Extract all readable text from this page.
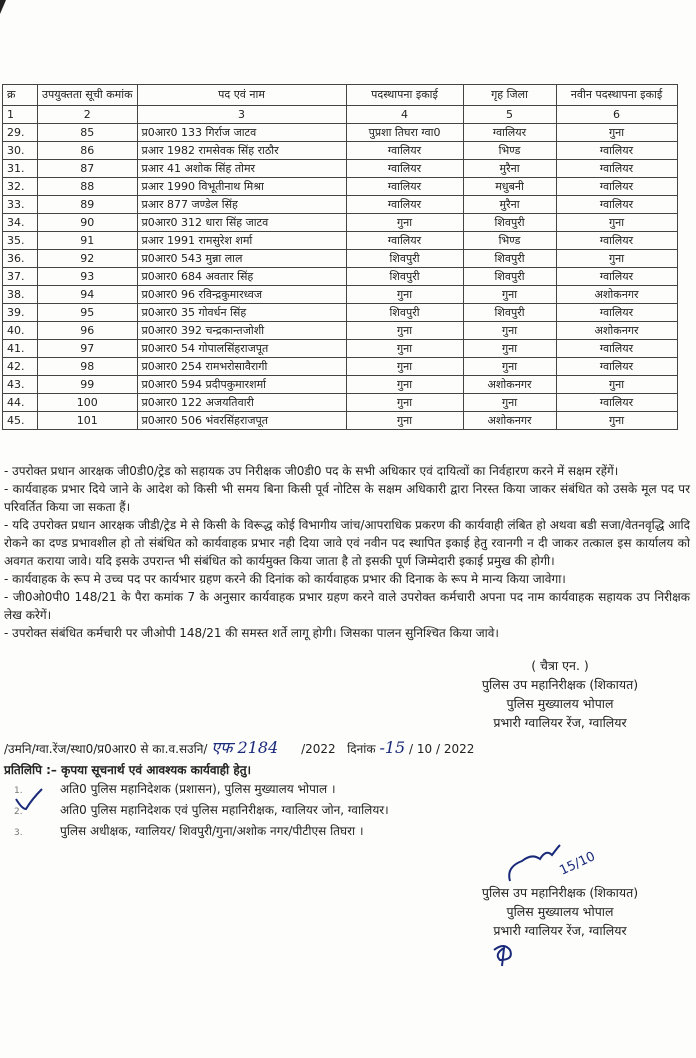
क्र	उपयुक्तता सूची कमांक	पद एवं नाम	पदस्थापना इकाई	गृह जिला	नवीन पदस्थापना इकाई
1	2	3	4	5	6
29.	85	प्र0आर0 133 गिर्राज जाटव	पुप्रशा तिघरा ग्वा0	ग्वालियर	गुना
30.	86	प्रआर 1982 रामसेवक सिंह राठौर	ग्वालियर	भिण्ड	ग्वालियर
31.	87	प्रआर 41 अशोक सिंह तोमर	ग्वालियर	मुरैना	ग्वालियर
32.	88	प्रआर 1990 विभूतीनाथ मिश्रा	ग्वालियर	मधुबनी	ग्वालियर
33.	89	प्रआर 877 जण्डेल सिंह	ग्वालियर	मुरैना	ग्वालियर
34.	90	प्र0आर0 312 धारा सिंह जाटव	गुना	शिवपुरी	गुना
35.	91	प्रआर 1991 रामसुरेश शर्मा	ग्वालियर	भिण्ड	ग्वालियर
36.	92	प्र0आर0 543 मुन्ना लाल	शिवपुरी	शिवपुरी	गुना
37.	93	प्र0आर0 684 अवतार सिंह	शिवपुरी	शिवपुरी	ग्वालियर
38.	94	प्र0आर0 96 रविन्द्रकुमारध्वज	गुना	गुना	अशोकनगर
39.	95	प्र0आर0 35 गोवर्धन सिंह	शिवपुरी	शिवपुरी	ग्वालियर
40.	96	प्र0आर0 392 चन्द्रकान्तजोशी	गुना	गुना	अशोकनगर
41.	97	प्र0आर0 54 गोपालसिंहराजपूत	गुना	गुना	ग्वालियर
42.	98	प्र0आर0 254 रामभरोसावैरागी	गुना	गुना	ग्वालियर
43.	99	प्र0आर0 594 प्रदीपकुमारशर्मा	गुना	अशोकनगर	गुना
44.	100	प्र0आर0 122 अजयतिवारी	गुना	गुना	ग्वालियर
45.	101	प्र0आर0 506 भंवरसिंहराजपूत	गुना	अशोकनगर	गुना

- उपरोक्त प्रधान आरक्षक जी0डी0/ट्रेड को सहायक उप निरीक्षक जी0डी0 पद के सभी अधिकार एवं दायित्वों का निर्वहारण करने में सक्षम रहेंगें।

- कार्यवाहक प्रभार दिये जाने के आदेश को किसी भी समय बिना किसी पूर्व नोटिस के सक्षम अधिकारी द्वारा निरस्त किया जाकर संबंधित को उसके मूल पद पर परिवर्तित किया जा सकता हैं।

- यदि उपरोक्त प्रधान आरक्षक जीडी/ट्रेड मे से किसी के विरूद्ध कोई विभागीय जांच/आपराधिक प्रकरण की कार्यवाही लंबित हो अथवा बडी सजा/वेतनवृद्धि आदि रोकने का दण्ड प्रभावशील हो तो संबंधित को कार्यवाहक प्रभार नही दिया जावे एवं नवीन पद स्थापित इकाई हेतु रवानगी न दी जाकर तत्काल इस कार्यालय को अवगत कराया जावे। यदि इसके उपरान्त भी संबंधित को कार्यमुक्त किया जाता है तो इसकी पूर्ण जिम्मेदारी इकाई प्रमुख की होगी।

- कार्यवाहक के रूप मे उच्च पद पर कार्यभार ग्रहण करने की दिनांक को कार्यवाहक प्रभार की दिनाक के रूप मे मान्य किया जावेगा।

- जी0ओ0पी0 148/21 के पैरा कमांक 7 के अनुसार कार्यवाहक प्रभार ग्रहण करने वाले उपरोक्त कर्मचारी अपना पद नाम कार्यवाहक सहायक उप निरीक्षक लेख करेगें।

- उपरोक्त संबंधित कर्मचारी पर जीओपी 148/21 की समस्त शर्ते लागू होगी। जिसका पालन सुनिश्चित किया जावे।

( चैत्रा एन. )
पुलिस उप महानिरीक्षक (शिकायत)
पुलिस मुख्यालय भोपाल
प्रभारी ग्वालियर रेंज, ग्वालियर
/उमनि/ग्वा.रेंज/स्था0/प्र0आर0 से का.व.सउनि/ एफ 2184 /2022 दिनांक -15 / 10 / 2022
प्रतिलिपि :– कृपया सूचनार्थ एवं आवश्यक कार्यवाही हेतु।
1.	अति0 पुलिस महानिदेशक (प्रशासन), पुलिस मुख्यालय भोपाल ।
2.	अति0 पुलिस महानिदेशक एवं पुलिस महानिरीक्षक, ग्वालियर जोन, ग्वालियर।
3.	पुलिस अधीक्षक, ग्वालियर/ शिवपुरी/गुना/अशोक नगर/पीटीएस तिघरा ।
15/10
पुलिस उप महानिरीक्षक (शिकायत)
पुलिस मुख्यालय भोपाल
प्रभारी ग्वालियर रेंज, ग्वालियर
